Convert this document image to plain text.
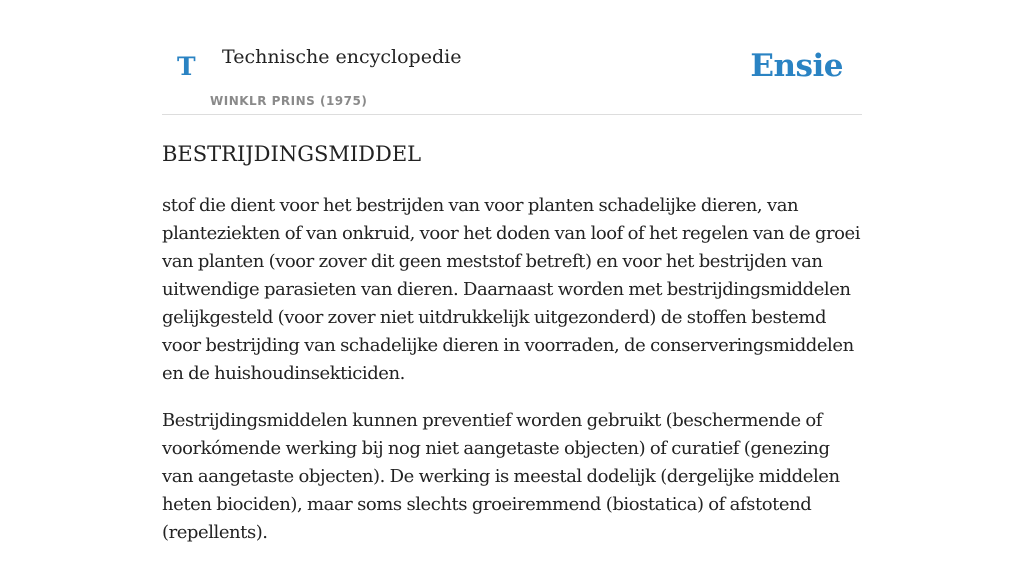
T Technische encyclopedie
WINKLR PRINS (1975)
Ensie
BESTRIJDINGSMIDDEL

stof die dient voor het bestrijden van voor planten schadelijke dieren, van planteziekten of van onkruid, voor het doden van loof of het regelen van de groei van planten (voor zover dit geen meststof betreft) en voor het bestrijden van uitwendige parasieten van dieren. Daarnaast worden met bestrijdingsmiddelen gelijkgesteld (voor zover niet uitdrukkelijk uitgezonderd) de stoffen bestemd voor bestrijding van schadelijke dieren in voorraden, de conserveringsmiddelen en de huishoudinsekticiden.

Bestrijdingsmiddelen kunnen preventief worden gebruikt (beschermende of voorkómende werking bij nog niet aangetaste objecten) of curatief (genezing van aangetaste objecten). De werking is meestal dodelijk (dergelijke middelen heten biociden), maar soms slechts groeiremmend (biostatica) of afstotend (repellents).
